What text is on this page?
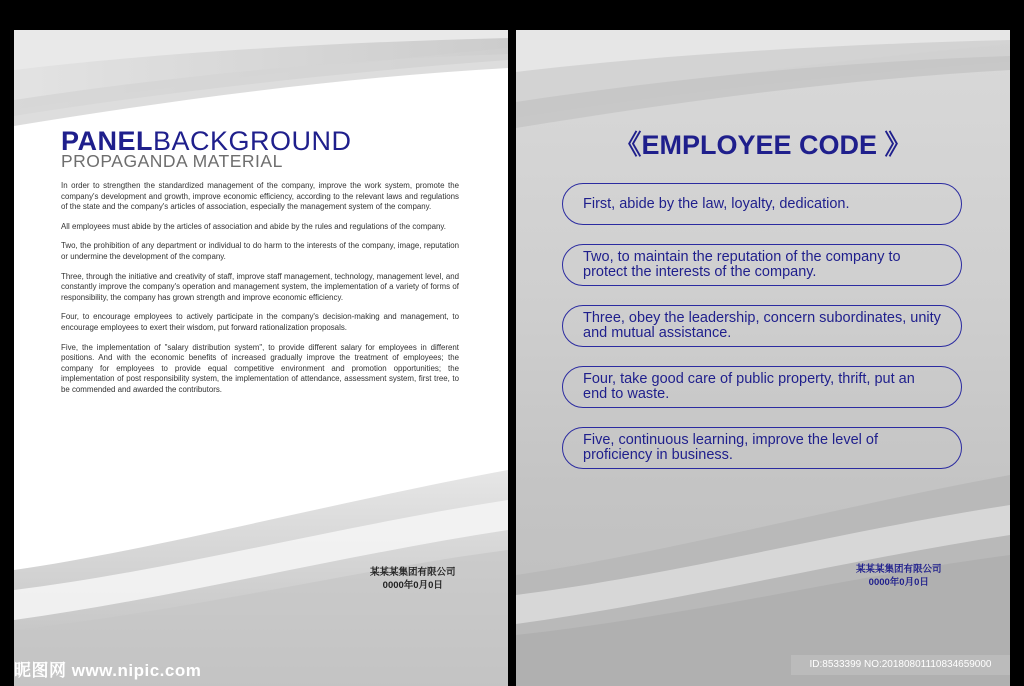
PANELBACKGROUND
PROPAGANDA MATERIAL

In order to strengthen the standardized management of the company, improve the work system, promote the company's development and growth, improve economic efficiency, according to the relevant laws and regulations of the state and the company's articles of association, especially the management system of the company.

All employees must abide by the articles of association and abide by the rules and regulations of the company.

Two, the prohibition of any department or individual to do harm to the interests of the company, image, reputation or undermine the development of the company.

Three, through the initiative and creativity of staff, improve staff management, technology, management level, and constantly improve the company's operation and management system, the implementation of a variety of forms of responsibility, the company has grown strength and improve economic efficiency.

Four, to encourage employees to actively participate in the company's decision-making and management, to encourage employees to exert their wisdom, put forward rationalization proposals.

Five, the implementation of "salary distribution system", to provide different salary for employees in different positions. And with the economic benefits of increased gradually improve the treatment of employees; the company for employees to provide equal competitive environment and promotion opportunities; the implementation of post responsibility system, the implementation of attendance, assessment system, first tree, to be commended and awarded the contributors.

某某某集团有限公司
0000年0月0日
《EMPLOYEE CODE 》
First, abide by the law, loyalty, dedication.
Two, to maintain the reputation of the company to protect the interests of the company.
Three, obey the leadership, concern subordinates, unity and mutual assistance.
Four, take good care of public property, thrift, put an end to waste.
Five, continuous learning, improve the level of proficiency in business.
某某某集团有限公司
0000年0月0日
昵图网 www.nipic.com	ID:8533399 NO:20180801110834659000
